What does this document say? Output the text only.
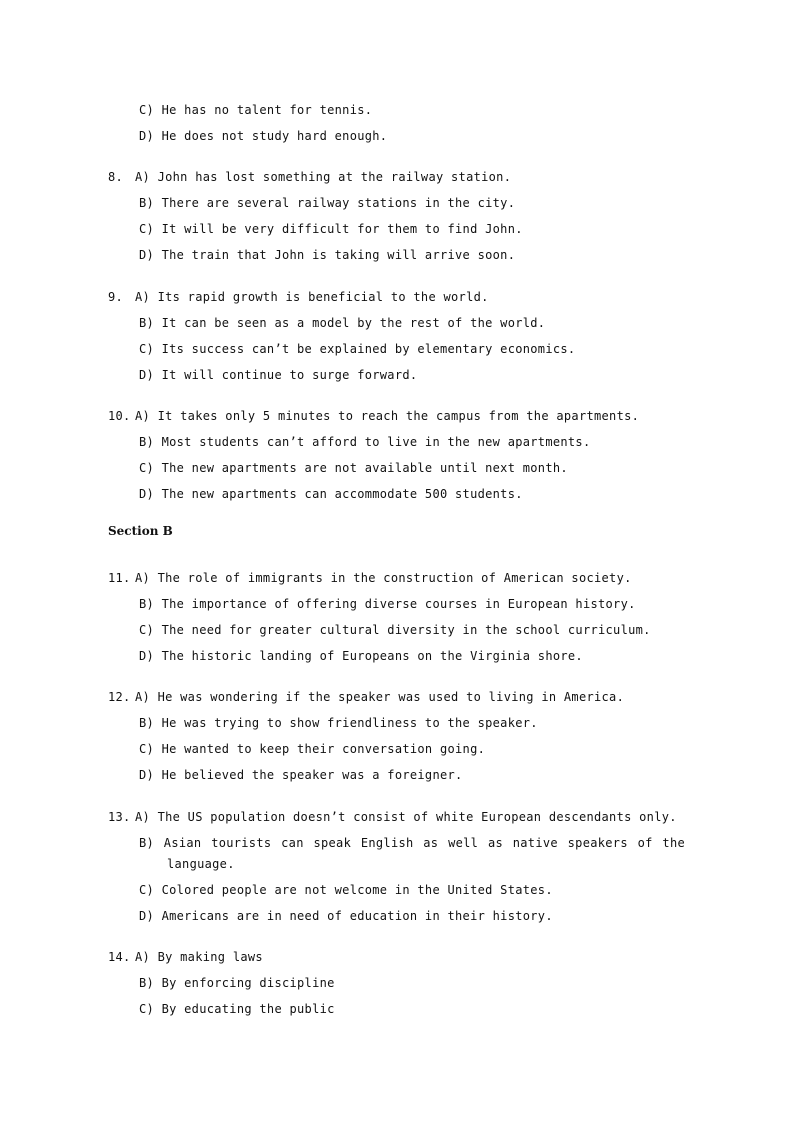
C) He has no talent for tennis.
D) He does not study hard enough.
8. A) John has lost something at the railway station.
B) There are several railway stations in the city.
C) It will be very difficult for them to find John.
D) The train that John is taking will arrive soon.
9. A) Its rapid growth is beneficial to the world.
B) It can be seen as a model by the rest of the world.
C) Its success can’t be explained by elementary economics.
D) It will continue to surge forward.
10. A) It takes only 5 minutes to reach the campus from the apartments.
B) Most students can’t afford to live in the new apartments.
C) The new apartments are not available until next month.
D) The new apartments can accommodate 500 students.
Section B
11. A) The role of immigrants in the construction of American society.
B) The importance of offering diverse courses in European history.
C) The need for greater cultural diversity in the school curriculum.
D) The historic landing of Europeans on the Virginia shore.
12. A) He was wondering if the speaker was used to living in America.
B) He was trying to show friendliness to the speaker.
C) He wanted to keep their conversation going.
D) He believed the speaker was a foreigner.
13. A) The US population doesn’t consist of white European descendants only.
B) Asian tourists can speak English as well as native speakers of the
language.
C) Colored people are not welcome in the United States.
D) Americans are in need of education in their history.
14. A) By making laws
B) By enforcing discipline
C) By educating the public
